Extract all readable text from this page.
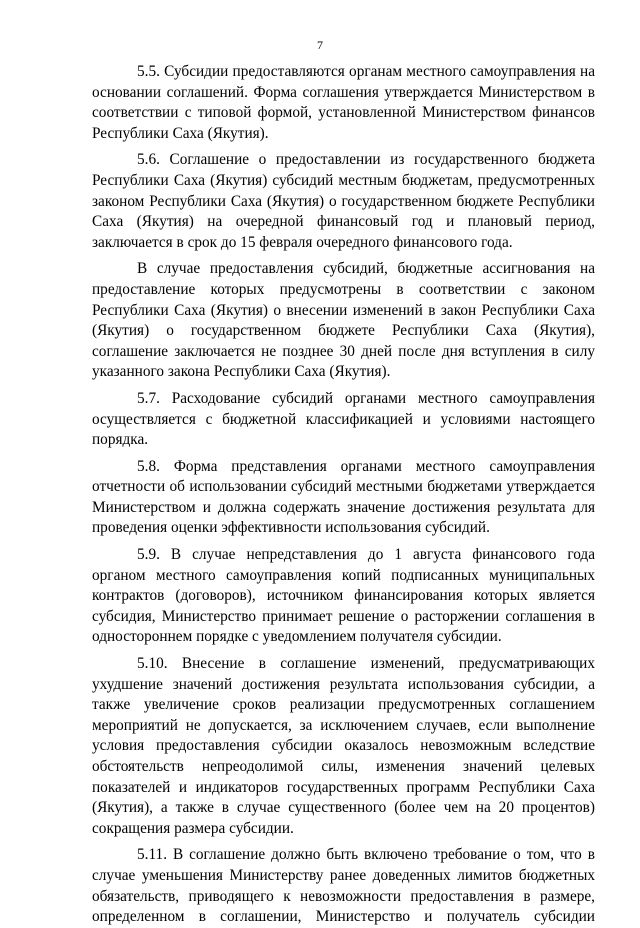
7

5.5. Субсидии предоставляются органам местного самоуправления на основании соглашений. Форма соглашения утверждается Министерством в соответствии с типовой формой, установленной Министерством финансов Республики Саха (Якутия).

5.6. Соглашение о предоставлении из государственного бюджета Республики Саха (Якутия) субсидий местным бюджетам, предусмотренных законом Республики Саха (Якутия) о государственном бюджете Республики Саха (Якутия) на очередной финансовый год и плановый период, заключается в срок до 15 февраля очередного финансового года.

В случае предоставления субсидий, бюджетные ассигнования на предоставление которых предусмотрены в соответствии с законом Республики Саха (Якутия) о внесении изменений в закон Республики Саха (Якутия) о государственном бюджете Республики Саха (Якутия), соглашение заключается не позднее 30 дней после дня вступления в силу указанного закона Республики Саха (Якутия).

5.7. Расходование субсидий органами местного самоуправления осуществляется с бюджетной классификацией и условиями настоящего порядка.

5.8. Форма представления органами местного самоуправления отчетности об использовании субсидий местными бюджетами утверждается Министерством и должна содержать значение достижения результата для проведения оценки эффективности использования субсидий.

5.9. В случае непредставления до 1 августа финансового года органом местного самоуправления копий подписанных муниципальных контрактов (договоров), источником финансирования которых является субсидия, Министерство принимает решение о расторжении соглашения в одностороннем порядке с уведомлением получателя субсидии.

5.10. Внесение в соглашение изменений, предусматривающих ухудшение значений достижения результата использования субсидии, а также увеличение сроков реализации предусмотренных соглашением мероприятий не допускается, за исключением случаев, если выполнение условия предоставления субсидии оказалось невозможным вследствие обстоятельств непреодолимой силы, изменения значений целевых показателей и индикаторов государственных программ Республики Саха (Якутия), а также в случае существенного (более чем на 20 процентов) сокращения размера субсидии.

5.11. В соглашение должно быть включено требование о том, что в случае уменьшения Министерству ранее доведенных лимитов бюджетных обязательств, приводящего к невозможности предоставления в размере, определенном в соглашении, Министерство и получатель субсидии
